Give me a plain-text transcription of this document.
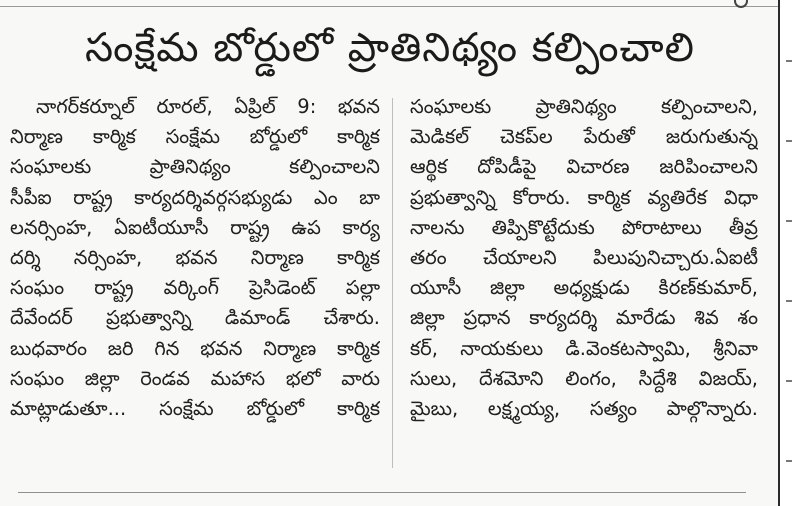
సంక్షేమ బోర్డులో ప్రాతినిథ్యం కల్పించాలి
నాగర్‌కర్నూల్ రూరల్, ఏప్రిల్ 9: భవన
నిర్మాణ కార్మిక సంక్షేమ బోర్డులో కార్మిక
సంఘాలకు ప్రాతినిథ్యం కల్పించాలని
సీపీఐ రాష్ట్ర కార్యదర్శివర్గసభ్యుడు ఎం బా
లనర్సింహ, ఏఐటీయూసీ రాష్ట్ర ఉప కార్య
దర్శి నర్సింహ, భవన నిర్మాణ కార్మిక
సంఘం రాష్ట్ర వర్కింగ్ ప్రెసిడెంట్ పల్లా
దేవేందర్ ప్రభుత్వాన్ని డిమాండ్ చేశారు.
బుధవారం జరి గిన భవన నిర్మాణ కార్మిక
సంఘం జిల్లా రెండవ మహాస భలో వారు
మాట్లాడుతూ... సంక్షేమ బోర్డులో కార్మిక
సంఘాలకు ప్రాతినిథ్యం కల్పించాలని,
మెడికల్ చెకప్‌ల పేరుతో జరుగుతున్న
ఆర్థిక దోపిడీపై విచారణ జరిపించాలని
ప్రభుత్వాన్ని కోరారు. కార్మిక వ్యతిరేక విధా
నాలను తిప్పికొట్టేదుకు పోరాటాలు తీవ్ర
తరం చేయాలని పిలుపునిచ్చారు.ఏఐటీ
యూసీ జిల్లా అధ్యక్షుడు కిరణ్‌కుమార్,
జిల్లా ప్రధాన కార్యదర్శి మారేడు శివ శం
కర్, నాయకులు డి.వెంకటస్వామి, శ్రీనివా
సులు, దేశమోని లింగం, సిద్దేశి విజయ్,
మైబు, లక్ష్మయ్య, సత్యం పాల్గొన్నారు.
